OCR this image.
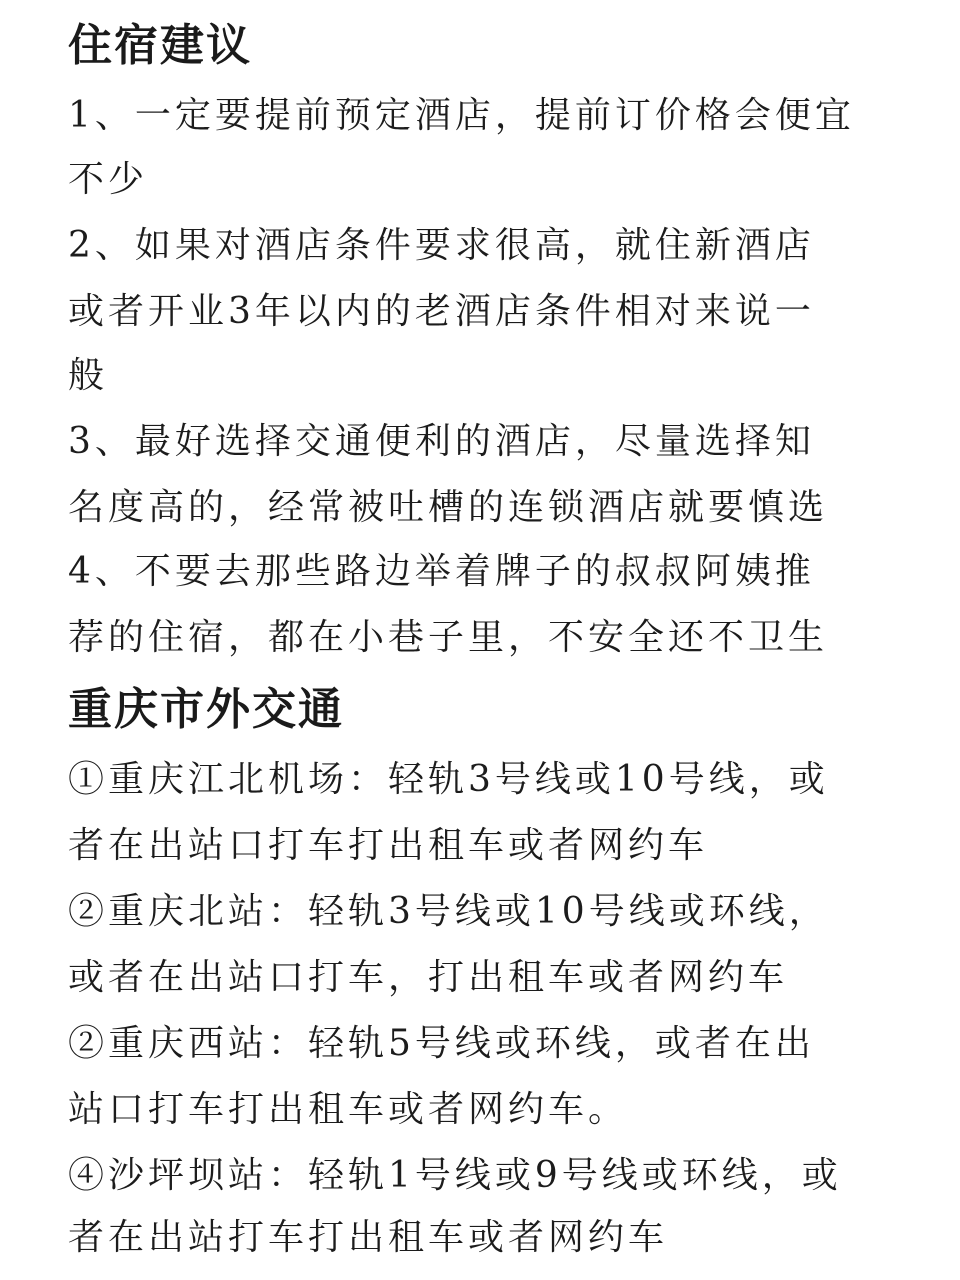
住宿建议

1、一定要提前预定酒店，提前订价格会便宜

不少

2、如果对酒店条件要求很高，就住新酒店

或者开业3年以内的老酒店条件相对来说一

般

3、最好选择交通便利的酒店，尽量选择知

名度高的，经常被吐槽的连锁酒店就要慎选

4、不要去那些路边举着牌子的叔叔阿姨推

荐的住宿，都在小巷子里，不安全还不卫生

重庆市外交通

①重庆江北机场：轻轨3号线或10号线，或

者在出站口打车打出租车或者网约车

②重庆北站：轻轨3号线或10号线或环线，

或者在出站口打车，打出租车或者网约车

②重庆西站：轻轨5号线或环线，或者在出

站口打车打出租车或者网约车。

④沙坪坝站：轻轨1号线或9号线或环线，或

者在出站打车打出租车或者网约车
